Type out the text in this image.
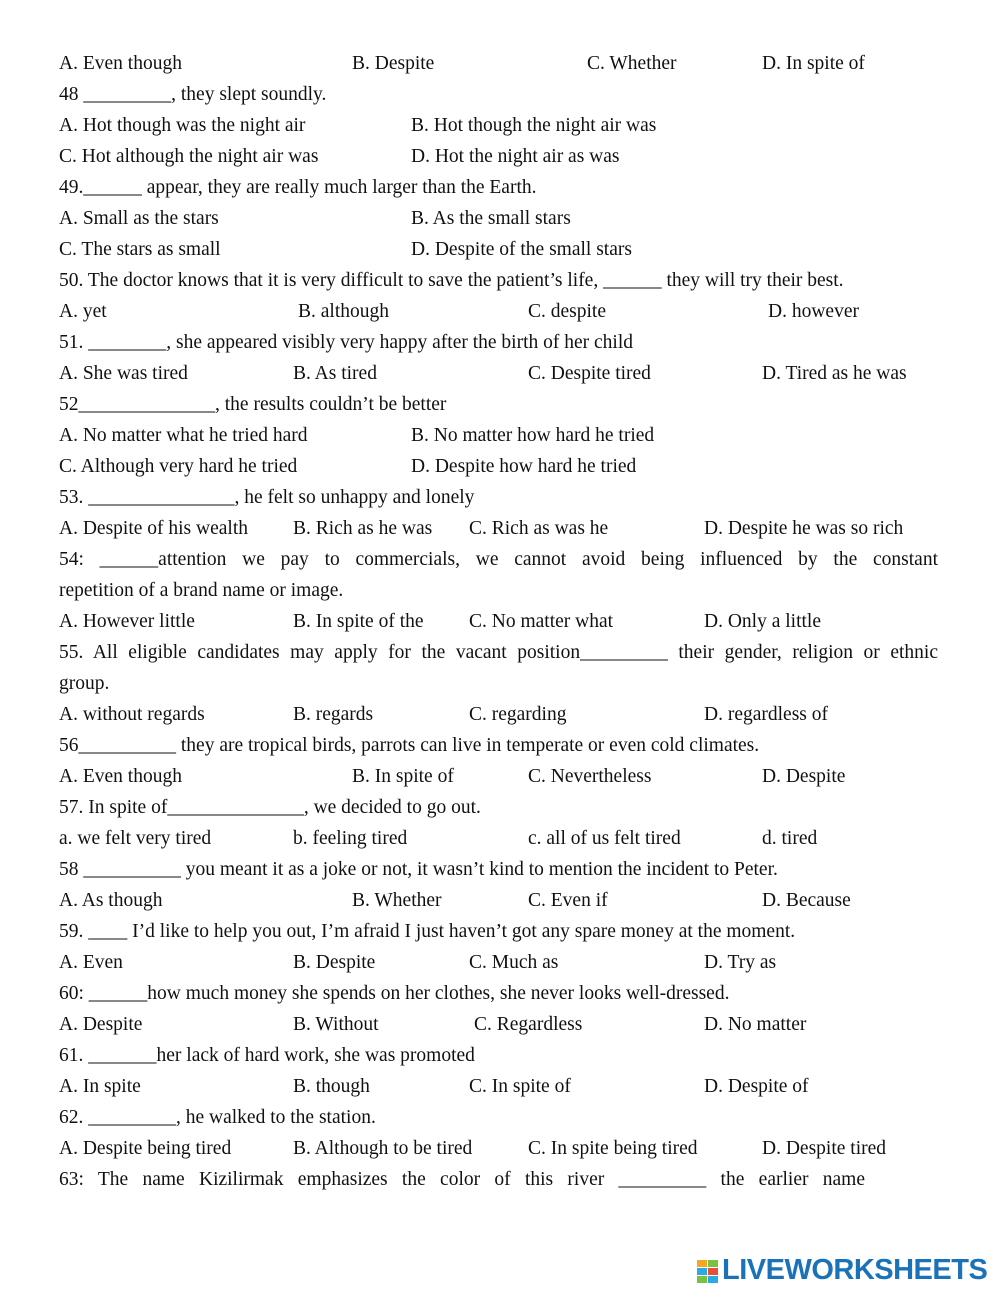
A. Even though	B. Despite	C. Whether	D. In spite of
48 _________, they slept soundly.
A. Hot though was the night air	B. Hot though the night air was
C. Hot although the night air was	D. Hot the night air as was
49.______ appear, they are really much larger than the Earth.
A. Small as the stars	B. As the small stars
C. The stars as small	D. Despite of the small stars
50. The doctor knows that it is very difficult to save the patient’s life, ______ they will try their best.
A. yet	B. although	C. despite	D. however
51. ________, she appeared visibly very happy after the birth of her child
A. She was tired	B. As tired	C. Despite tired	D. Tired as he was
52______________, the results couldn’t be better
A. No matter what he tried hard	B. No matter how hard he tried
C. Although very hard he tried	D. Despite how hard he tried
53. _______________, he felt so unhappy and lonely
A. Despite of his wealth B. Rich as he was C. Rich as was he	D. Despite he was so rich
54: ______attention we pay to commercials, we cannot avoid being influenced by the constant
repetition of a brand name or image.
A. However little	B. In spite of the C. No matter what	D. Only a little
55. All eligible candidates may apply for the vacant position_________ their gender, religion or ethnic
group.
A. without regards	B. regards	C. regarding	D. regardless of
56__________ they are tropical birds, parrots can live in temperate or even cold climates.
A. Even though	B. In spite of	C. Nevertheless	D. Despite
57. In spite of______________, we decided to go out.
a. we felt very tired	b. feeling tired	c. all of us felt tired	d. tired
58 __________ you meant it as a joke or not, it wasn’t kind to mention the incident to Peter.
A. As though	B. Whether	C. Even if	D. Because
59. ____ I’d like to help you out, I’m afraid I just haven’t got any spare money at the moment.
A. Even	B. Despite	C. Much as	D. Try as
60: ______how much money she spends on her clothes, she never looks well-dressed.
A. Despite	B. Without	C. Regardless	D. No matter
61. _______her lack of hard work, she was promoted
A. In spite	B. though	C. In spite of	D. Despite of
62. _________, he walked to the station.
A. Despite being tired	B. Although to be tired	C. In spite being tired	D. Despite tired
63: The name Kizilirmak emphasizes the color of this river _________ the earlier name
LIVEWORKSHEETS
